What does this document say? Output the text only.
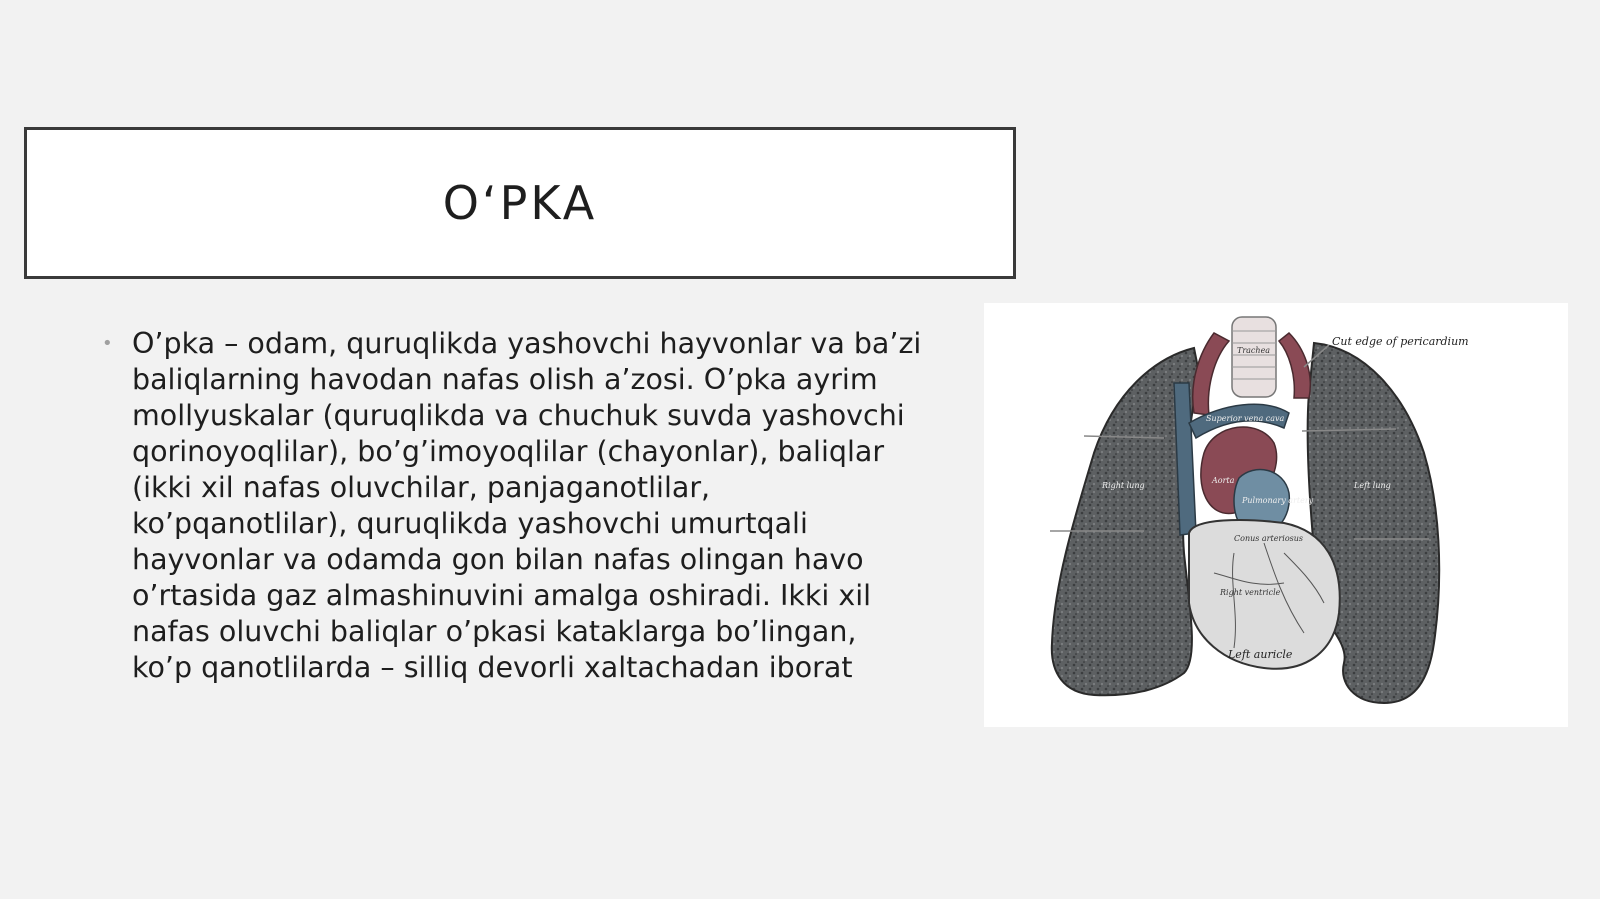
O‘PKA
• O’pka – odam, quruqlikda yashovchi hayvonlar va ba’zi baliqlarning havodan nafas olish a’zosi. O’pka ayrim mollyuskalar (quruqlikda va chuchuk suvda yashovchi qorinoyoqlilar), bo’g’imoyoqlilar (chayonlar), baliqlar (ikki xil nafas oluvchilar, panjaganotlilar, ko’pqanotlilar), quruqlikda yashovchi umurtqali hayvonlar va odamda gon bilan nafas olingan havo o’rtasida gaz almashinuvini amalga oshiradi. Ikki xil nafas oluvchi baliqlar o’pkasi kataklarga bo’lingan, ko’p qanotlilarda – silliq devorli xaltachadan iborat
Cut edge of pericardium
Left auricle
Trachea
Right lung	Left lung
Right ventricle
Aorta
Pulmonary artery
Superior vena cava
Conus arteriosus
